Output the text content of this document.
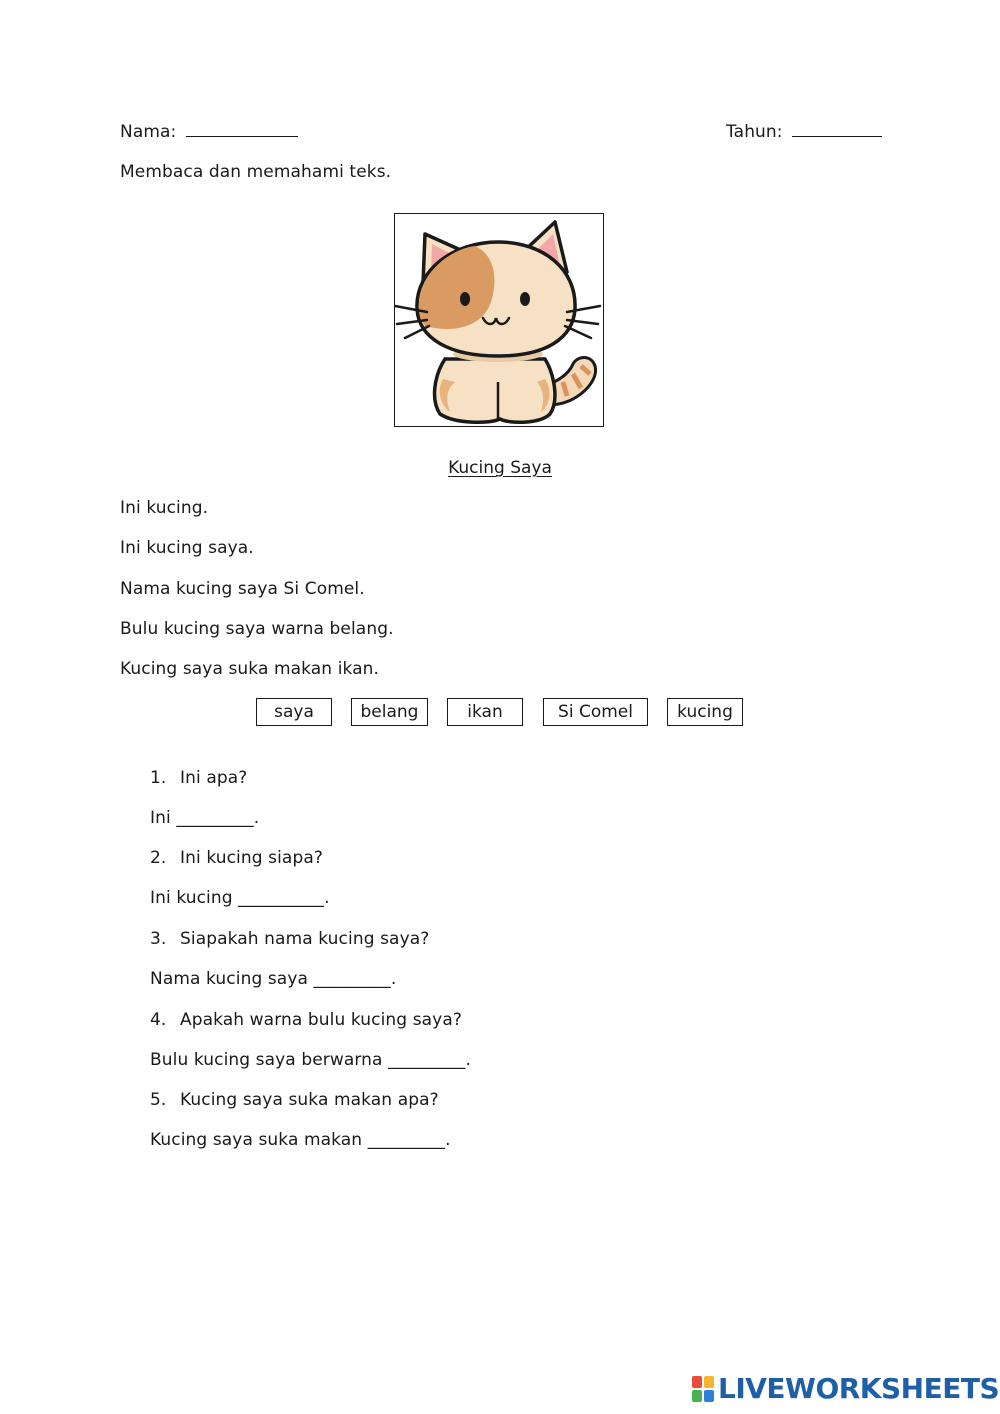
Nama:	Tahun:
Membaca dan memahami teks.
Kucing Saya
Ini kucing.
Ini kucing saya.
Nama kucing saya Si Comel.
Bulu kucing saya warna belang.
Kucing saya suka makan ikan.
saya	belang	ikan	Si Comel	kucing
1. Ini apa?
Ini _________.
2. Ini kucing siapa?
Ini kucing __________.
3. Siapakah nama kucing saya?
Nama kucing saya _________.
4. Apakah warna bulu kucing saya?
Bulu kucing saya berwarna _________.
5. Kucing saya suka makan apa?
Kucing saya suka makan _________.
LIVEWORKSHEETS
